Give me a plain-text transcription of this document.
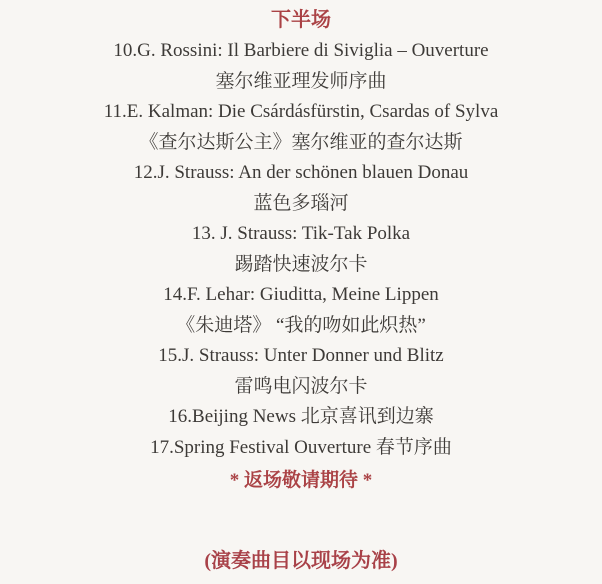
下半场
10.G. Rossini: Il Barbiere di Siviglia – Ouverture
塞尔维亚理发师序曲
11.E. Kalman: Die Csárdásfürstin, Csardas of Sylva
《查尔达斯公主》塞尔维亚的查尔达斯
12.J. Strauss: An der schönen blauen Donau
蓝色多瑙河
13. J. Strauss: Tik-Tak Polka
踢踏快速波尔卡
14.F. Lehar: Giuditta, Meine Lippen
《朱迪塔》 “我的吻如此炽热”
15.J. Strauss: Unter Donner und Blitz
雷鸣电闪波尔卡
16.Beijing News 北京喜讯到边寨
17.Spring Festival Ouverture 春节序曲
* 返场敬请期待 *
(演奏曲目以现场为准)
